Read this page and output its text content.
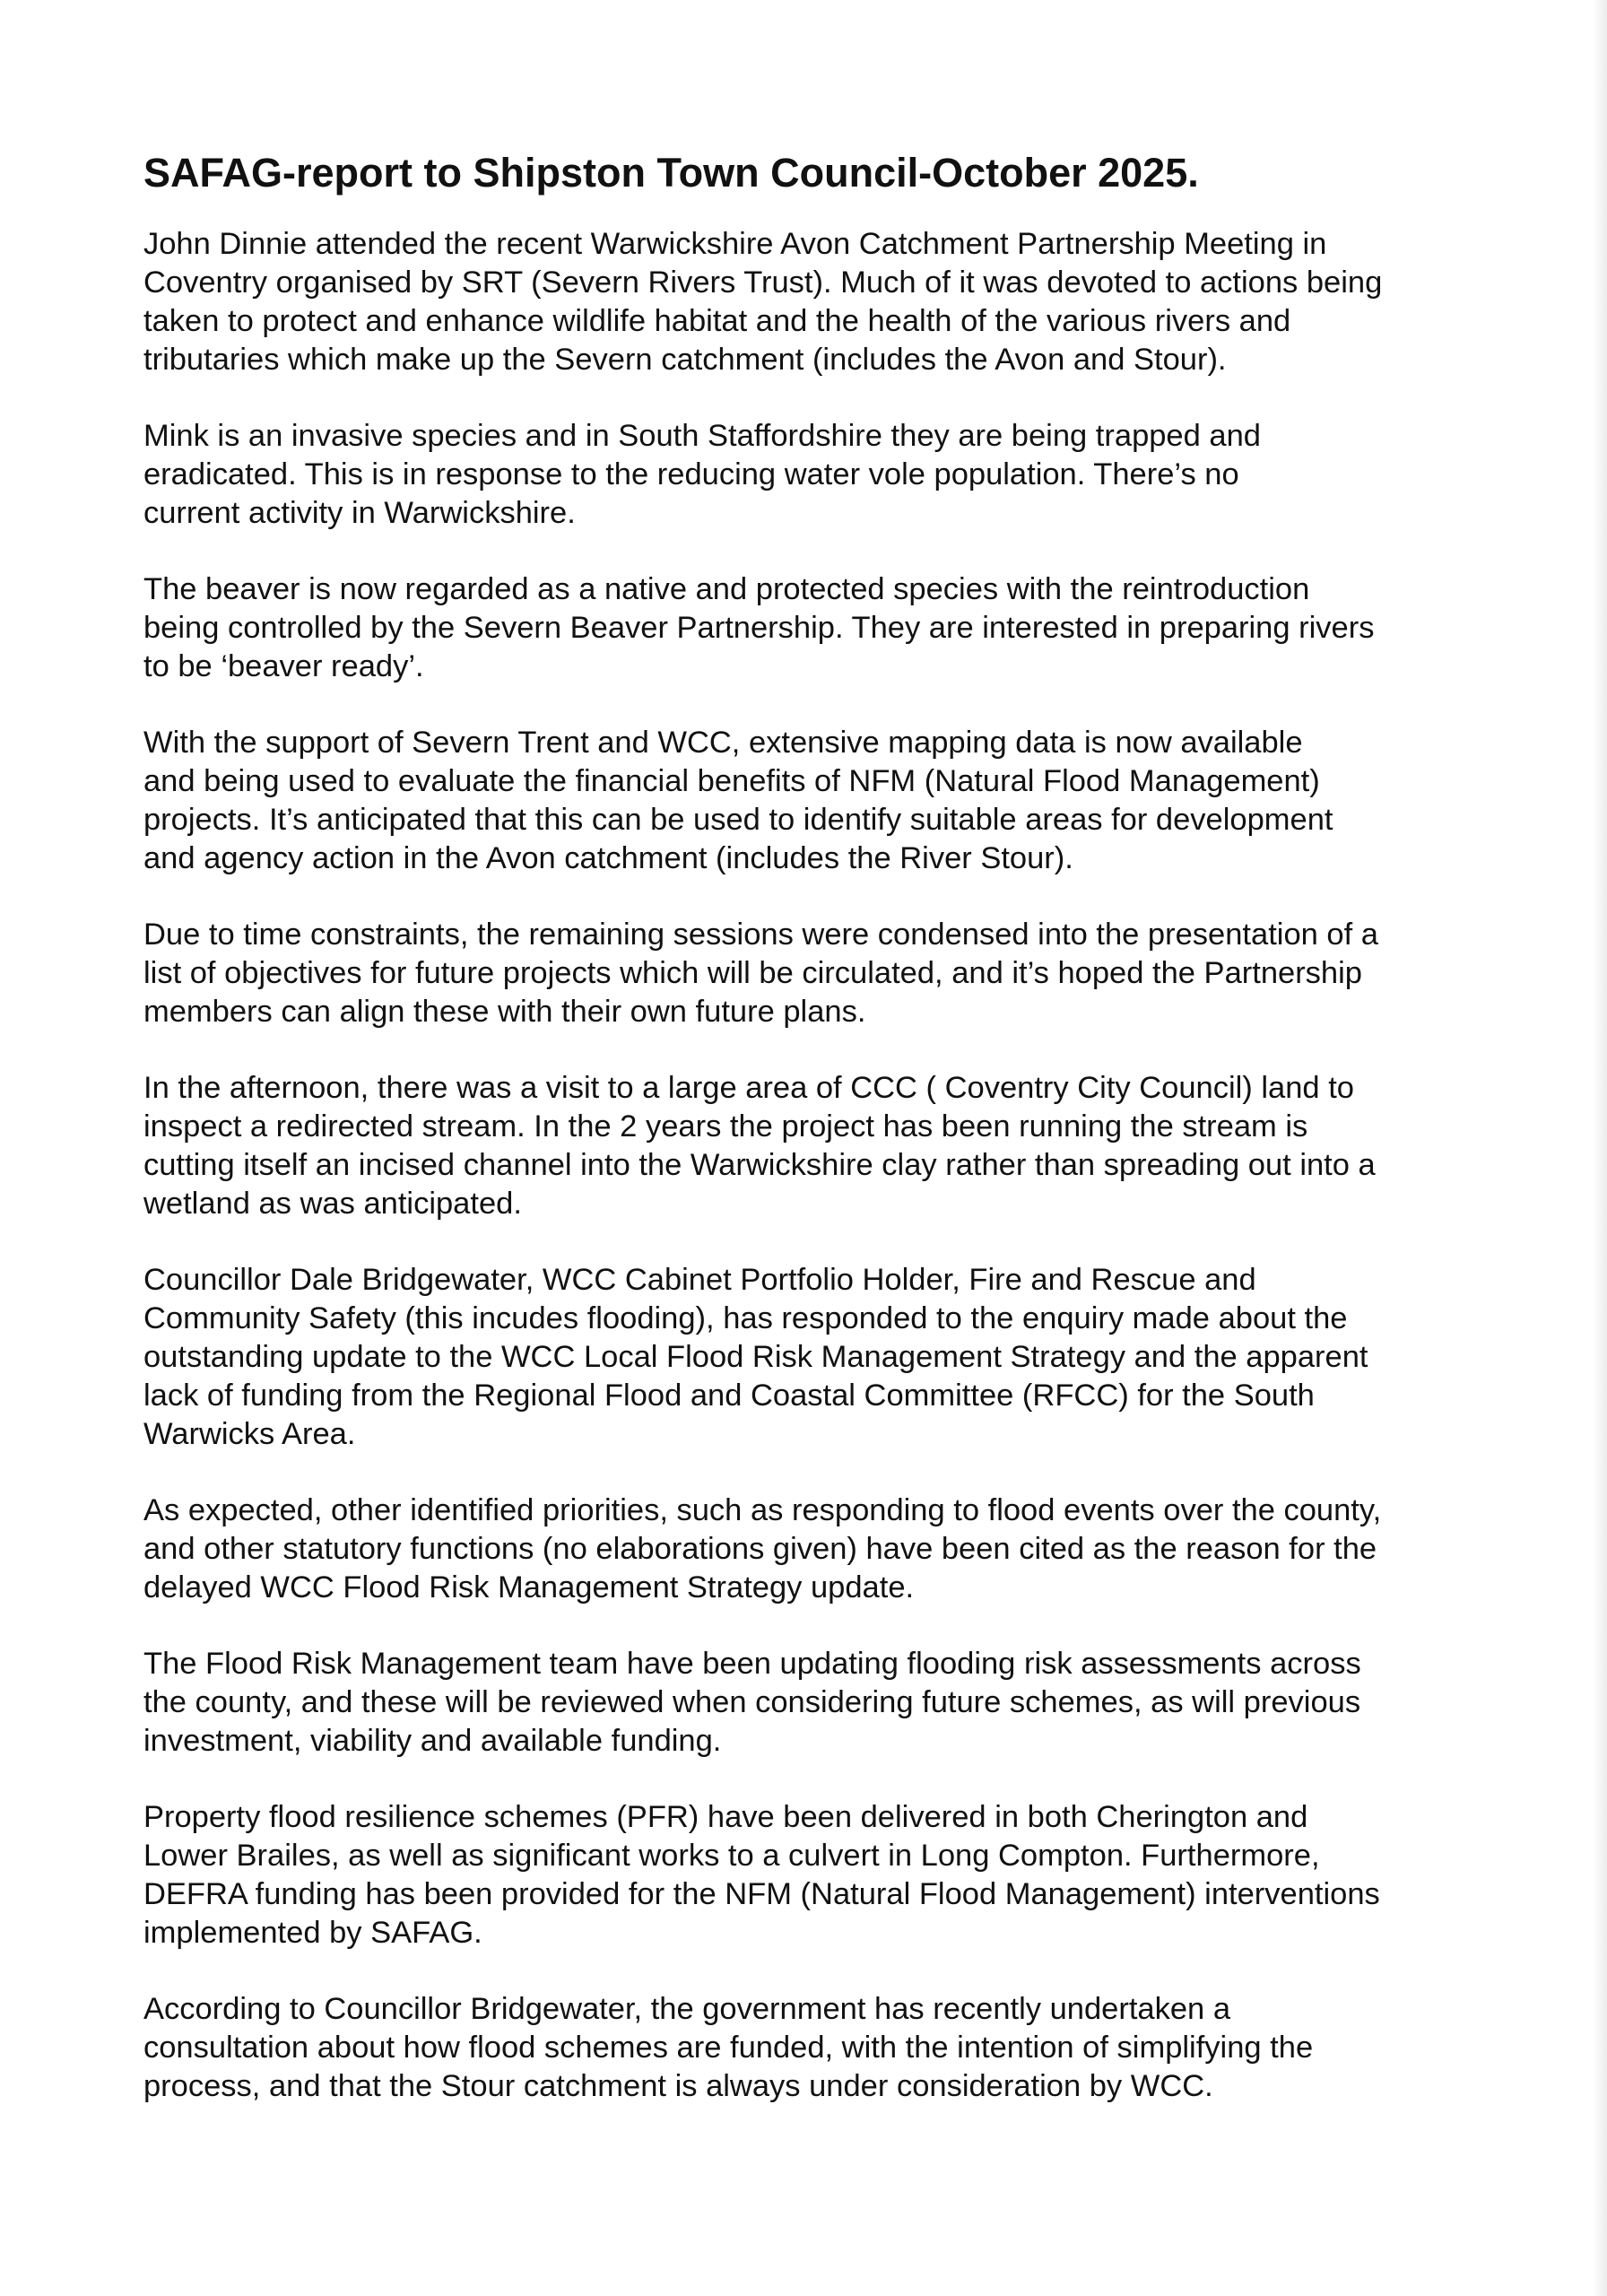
SAFAG-report to Shipston Town Council-October 2025.

John Dinnie attended the recent Warwickshire Avon Catchment Partnership Meeting in
Coventry organised by SRT (Severn Rivers Trust). Much of it was devoted to actions being
taken to protect and enhance wildlife habitat and the health of the various rivers and
tributaries which make up the Severn catchment (includes the Avon and Stour).

Mink is an invasive species and in South Staffordshire they are being trapped and
eradicated. This is in response to the reducing water vole population. There’s no
current activity in Warwickshire.

The beaver is now regarded as a native and protected species with the reintroduction
being controlled by the Severn Beaver Partnership. They are interested in preparing rivers
to be ‘beaver ready’.

With the support of Severn Trent and WCC, extensive mapping data is now available
and being used to evaluate the financial benefits of NFM (Natural Flood Management)
projects. It’s anticipated that this can be used to identify suitable areas for development
and agency action in the Avon catchment (includes the River Stour).

Due to time constraints, the remaining sessions were condensed into the presentation of a
list of objectives for future projects which will be circulated, and it’s hoped the Partnership
members can align these with their own future plans.

In the afternoon, there was a visit to a large area of CCC ( Coventry City Council) land to
inspect a redirected stream. In the 2 years the project has been running the stream is
cutting itself an incised channel into the Warwickshire clay rather than spreading out into a
wetland as was anticipated.

Councillor Dale Bridgewater, WCC Cabinet Portfolio Holder, Fire and Rescue and
Community Safety (this incudes flooding), has responded to the enquiry made about the
outstanding update to the WCC Local Flood Risk Management Strategy and the apparent
lack of funding from the Regional Flood and Coastal Committee (RFCC) for the South
Warwicks Area.

As expected, other identified priorities, such as responding to flood events over the county,
and other statutory functions (no elaborations given) have been cited as the reason for the
delayed WCC Flood Risk Management Strategy update.

The Flood Risk Management team have been updating flooding risk assessments across
the county, and these will be reviewed when considering future schemes, as will previous
investment, viability and available funding.

Property flood resilience schemes (PFR) have been delivered in both Cherington and
Lower Brailes, as well as significant works to a culvert in Long Compton. Furthermore,
DEFRA funding has been provided for the NFM (Natural Flood Management) interventions
implemented by SAFAG.

According to Councillor Bridgewater, the government has recently undertaken a
consultation about how flood schemes are funded, with the intention of simplifying the
process, and that the Stour catchment is always under consideration by WCC.
